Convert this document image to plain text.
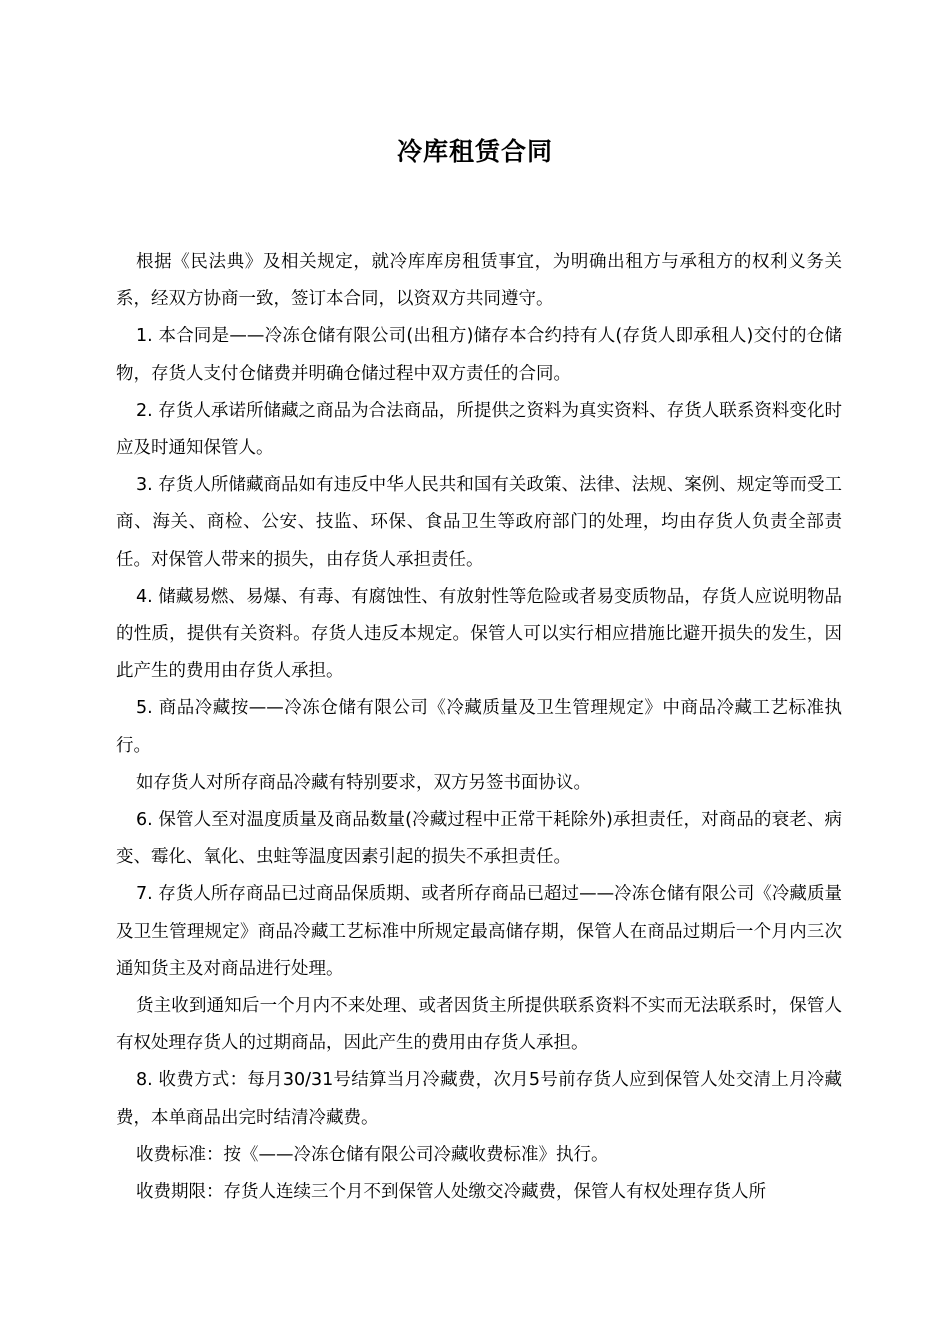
冷库租赁合同

根据《民法典》及相关规定，就冷库库房租赁事宜，为明确出租方与承租方的权利义务关系，经双方协商一致，签订本合同，以资双方共同遵守。

1. 本合同是——冷冻仓储有限公司(出租方)储存本合约持有人(存货人即承租人)交付的仓储物，存货人支付仓储费并明确仓储过程中双方责任的合同。

2. 存货人承诺所储藏之商品为合法商品，所提供之资料为真实资料、存货人联系资料变化时应及时通知保管人。

3. 存货人所储藏商品如有违反中华人民共和国有关政策、法律、法规、案例、规定等而受工商、海关、商检、公安、技监、环保、食品卫生等政府部门的处理，均由存货人负责全部责任。对保管人带来的损失，由存货人承担责任。

4. 储藏易燃、易爆、有毒、有腐蚀性、有放射性等危险或者易变质物品，存货人应说明物品的性质，提供有关资料。存货人违反本规定。保管人可以实行相应措施比避开损失的发生，因此产生的费用由存货人承担。

5. 商品冷藏按——冷冻仓储有限公司《冷藏质量及卫生管理规定》中商品冷藏工艺标准执行。

如存货人对所存商品冷藏有特别要求，双方另签书面协议。

6. 保管人至对温度质量及商品数量(冷藏过程中正常干耗除外)承担责任，对商品的衰老、病变、霉化、氧化、虫蛀等温度因素引起的损失不承担责任。

7. 存货人所存商品已过商品保质期、或者所存商品已超过——冷冻仓储有限公司《冷藏质量及卫生管理规定》商品冷藏工艺标准中所规定最高储存期，保管人在商品过期后一个月内三次通知货主及对商品进行处理。

货主收到通知后一个月内不来处理、或者因货主所提供联系资料不实而无法联系时，保管人有权处理存货人的过期商品，因此产生的费用由存货人承担。

8. 收费方式：每月30/31号结算当月冷藏费，次月5号前存货人应到保管人处交清上月冷藏费，本单商品出完时结清冷藏费。

收费标准：按《——冷冻仓储有限公司冷藏收费标准》执行。

收费期限：存货人连续三个月不到保管人处缴交冷藏费，保管人有权处理存货人所
